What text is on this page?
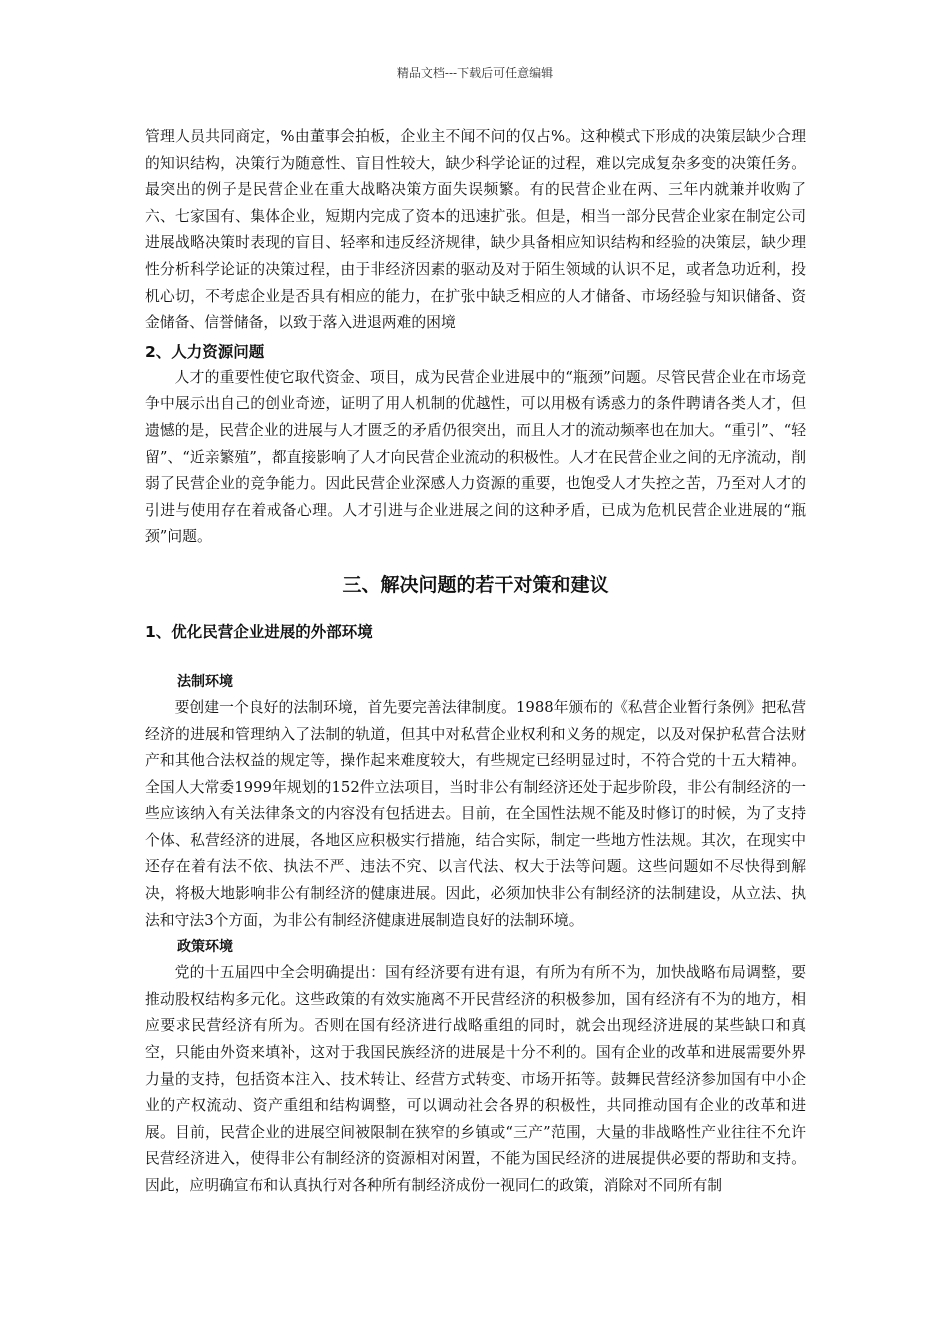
精品文档---下载后可任意编辑

管理人员共同商定，%由董事会拍板，企业主不闻不问的仅占%。这种模式下形成的决策层缺少合理的知识结构，决策行为随意性、盲目性较大，缺少科学论证的过程，难以完成复杂多变的决策任务。最突出的例子是民营企业在重大战略决策方面失误频繁。有的民营企业在两、三年内就兼并收购了六、七家国有、集体企业，短期内完成了资本的迅速扩张。但是，相当一部分民营企业家在制定公司进展战略决策时表现的盲目、轻率和违反经济规律，缺少具备相应知识结构和经验的决策层，缺少理性分析科学论证的决策过程，由于非经济因素的驱动及对于陌生领域的认识不足，或者急功近利，投机心切，不考虑企业是否具有相应的能力，在扩张中缺乏相应的人才储备、市场经验与知识储备、资金储备、信誉储备，以致于落入进退两难的困境

2、人力资源问题

人才的重要性使它取代资金、项目，成为民营企业进展中的“瓶颈”问题。尽管民营企业在市场竞争中展示出自己的创业奇迹，证明了用人机制的优越性，可以用极有诱惑力的条件聘请各类人才，但遗憾的是，民营企业的进展与人才匮乏的矛盾仍很突出，而且人才的流动频率也在加大。“重引”、“轻留”、“近亲繁殖”，都直接影响了人才向民营企业流动的积极性。人才在民营企业之间的无序流动，削弱了民营企业的竞争能力。因此民营企业深感人力资源的重要，也饱受人才失控之苦，乃至对人才的引进与使用存在着戒备心理。人才引进与企业进展之间的这种矛盾，已成为危机民营企业进展的“瓶颈”问题。

三、解决问题的若干对策和建议

1、优化民营企业进展的外部环境

法制环境

要创建一个良好的法制环境，首先要完善法律制度。1988年颁布的《私营企业暂行条例》把私营经济的进展和管理纳入了法制的轨道，但其中对私营企业权利和义务的规定，以及对保护私营合法财产和其他合法权益的规定等，操作起来难度较大，有些规定已经明显过时，不符合党的十五大精神。全国人大常委1999年规划的152件立法项目，当时非公有制经济还处于起步阶段，非公有制经济的一些应该纳入有关法律条文的内容没有包括进去。目前，在全国性法规不能及时修订的时候，为了支持个体、私营经济的进展，各地区应积极实行措施，结合实际，制定一些地方性法规。其次，在现实中还存在着有法不依、执法不严、违法不究、以言代法、权大于法等问题。这些问题如不尽快得到解决，将极大地影响非公有制经济的健康进展。因此，必须加快非公有制经济的法制建设，从立法、执法和守法3个方面，为非公有制经济健康进展制造良好的法制环境。

政策环境

党的十五届四中全会明确提出：国有经济要有进有退，有所为有所不为，加快战略布局调整，要推动股权结构多元化。这些政策的有效实施离不开民营经济的积极参加，国有经济有不为的地方，相应要求民营经济有所为。否则在国有经济进行战略重组的同时，就会出现经济进展的某些缺口和真空，只能由外资来填补，这对于我国民族经济的进展是十分不利的。国有企业的改革和进展需要外界力量的支持，包括资本注入、技术转让、经营方式转变、市场开拓等。鼓舞民营经济参加国有中小企业的产权流动、资产重组和结构调整，可以调动社会各界的积极性，共同推动国有企业的改革和进展。目前，民营企业的进展空间被限制在狭窄的乡镇或“三产”范围，大量的非战略性产业往往不允许民营经济进入，使得非公有制经济的资源相对闲置，不能为国民经济的进展提供必要的帮助和支持。因此，应明确宣布和认真执行对各种所有制经济成份一视同仁的政策，消除对不同所有制
